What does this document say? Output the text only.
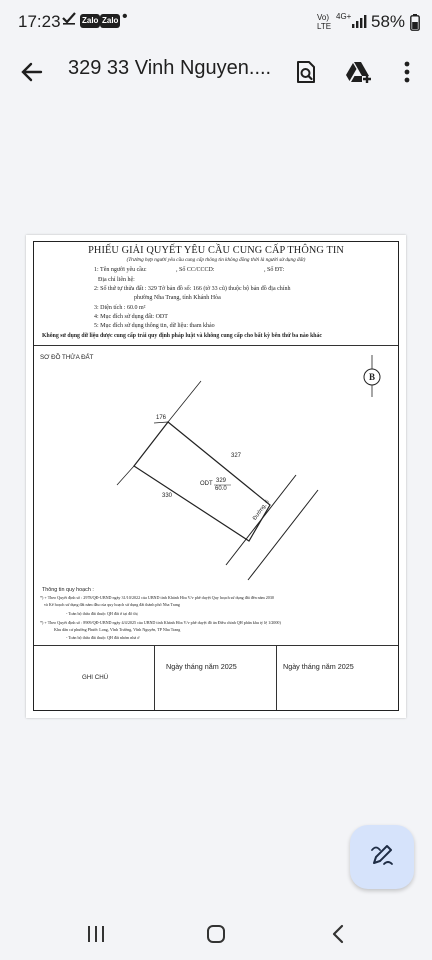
17:23	Zalo Zalo •	Vo)
LTE
4G+ 58%
329 33 Vinh Nguyen....
PHIẾU GIẢI QUYẾT YÊU CẦU CUNG CẤP THÔNG TIN
(Trường hợp người yêu cầu cung cấp thông tin không đồng thời là người sử dụng đất)
1: Tên người yêu cầu:	, Số CC/CCCD:	, Số ĐT:
Địa chỉ liên hệ:
2: Số thứ tự thửa đất : 329 Tờ bản đồ số: 166 (tờ 33 cũ) thuộc bộ bản đồ địa chính
phường Nha Trang, tỉnh Khánh Hòa
3: Diện tích : 60.0 m²
4: Mục đích sử dụng đất: ODT
5: Mục đích sử dụng thông tin, dữ liệu: tham khảo
Không sử dụng dữ liệu được cung cấp trái quy định pháp luật và không cung cấp cho bất kỳ bên thứ ba nào khác
SƠ ĐỒ THỬA ĐẤT
B
176
327
330
ODT 329
60.0
Đường, 6
Thông tin quy hoạch :
*) + Theo Quyết định số : 2978/QĐ-UBND ngày 31/10/2022 của UBND tỉnh Khánh Hòa V/v phê duyệt Quy hoạch sử dụng đất đến năm 2030
và Kế hoạch sử dụng đất năm đầu của quy hoạch sử dụng đất thành phố Nha Trang
- Toàn bộ thửa đất thuộc QH đất ở tại đô thị
*) + Theo Quyết định số : 8909/QĐ-UBND ngày 4/4/2025 của UBND tỉnh Khánh Hòa V/v phê duyệt đồ án Điều chỉnh QH phân khu tỷ lệ 1/2000)
Khu dân cư phường Phước Long, Vĩnh Trường, Vĩnh Nguyên, TP Nha Trang
- Toàn bộ thửa đất thuộc QH đất nhóm nhà ở
GHI CHÚ
Ngày tháng năm 2025	Ngày tháng năm 2025
